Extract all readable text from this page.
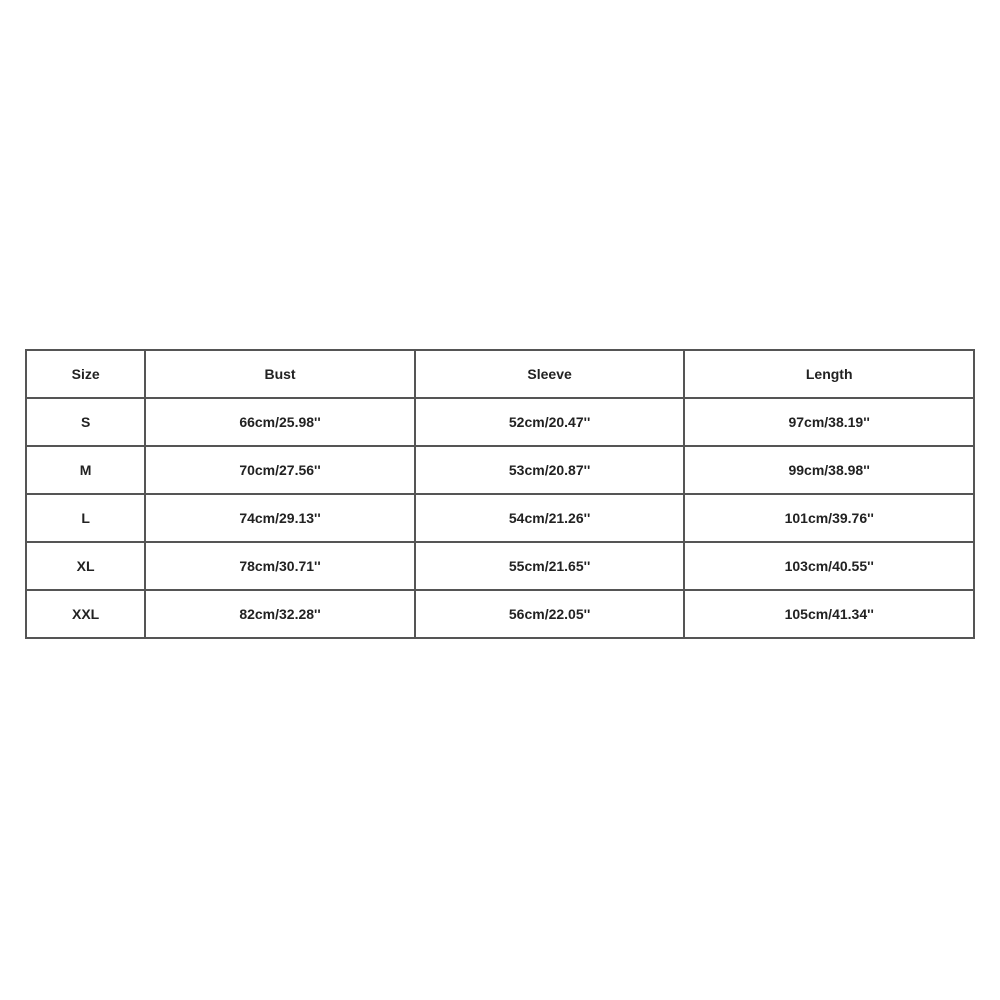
Size	Bust	Sleeve	Length
S	66cm/25.98''	52cm/20.47''	97cm/38.19''
M	70cm/27.56''	53cm/20.87''	99cm/38.98''
L	74cm/29.13''	54cm/21.26''	101cm/39.76''
XL	78cm/30.71''	55cm/21.65''	103cm/40.55''
XXL	82cm/32.28''	56cm/22.05''	105cm/41.34''
